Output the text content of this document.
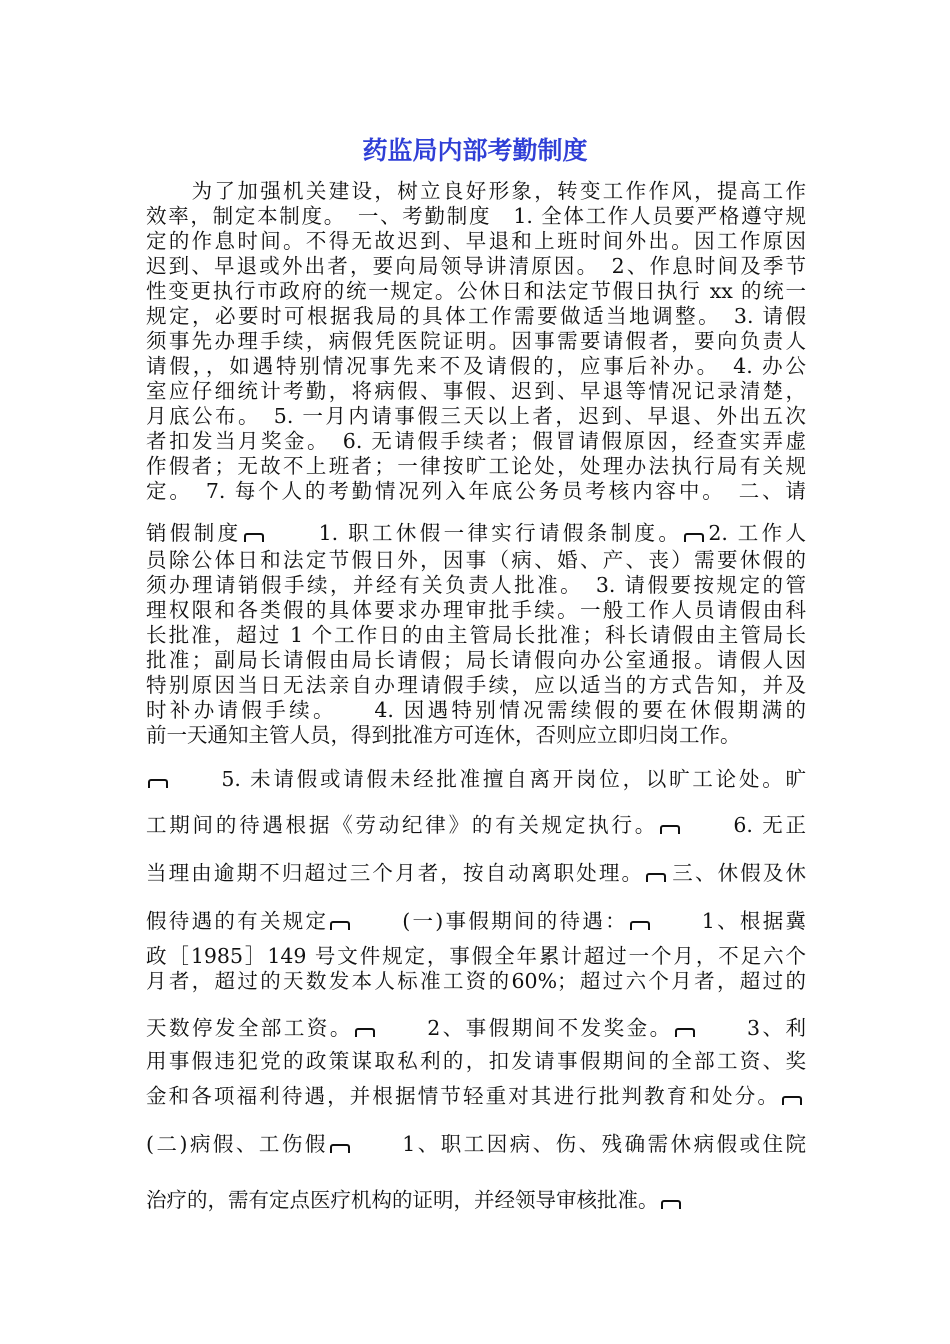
药监局内部考勤制度
　　为了加强机关建设，树立良好形象，转变工作作风，提高工作
效率，制定本制度。　一、考勤制度　1. 全体工作人员要严格遵守规
定的作息时间。不得无故迟到、早退和上班时间外出。因工作原因
迟到、早退或外出者，要向局领导讲清原因。　2、作息时间及季节
性变更执行市政府的统一规定。公休日和法定节假日执行 xx 的统一
规定，必要时可根据我局的具体工作需要做适当地调整。　3. 请假
须事先办理手续，病假凭医院证明。因事需要请假者，要向负责人
请假，，如遇特别情况事先来不及请假的，应事后补办。　4. 办公
室应仔细统计考勤，将病假、事假、迟到、早退等情况记录清楚，
月底公布。　5. 一月内请事假三天以上者，迟到、早退、外出五次
者扣发当月奖金。　6. 无请假手续者；假冒请假原因，经查实弄虚
作假者；无故不上班者；一律按旷工论处，处理办法执行局有关规
定。　7. 每个人的考勤情况列入年底公务员考核内容中。　二、请
销假制度　　1. 职工休假一律实行请假条制度。 2. 工作人
员除公体日和法定节假日外，因事（病、婚、产、丧）需要休假的
须办理请销假手续，并经有关负责人批准。　3. 请假要按规定的管
理权限和各类假的具体要求办理审批手续。一般工作人员请假由科
长批准，超过 1 个工作日的由主管局长批准；科长请假由主管局长
批准；副局长请假由局长请假；局长请假向办公室通报。请假人因
特别原因当日无法亲自办理请假手续，应以适当的方式告知，并及
时补办请假手续。　　4. 因遇特别情况需续假的要在休假期满的
前一天通知主管人员，得到批准方可连休，否则应立即归岗工作。
　　5. 未请假或请假未经批准擅自离开岗位，以旷工论处。旷
工期间的待遇根据《劳动纪律》的有关规定执行。　　6. 无正
当理由逾期不归超过三个月者，按自动离职处理。 三、休假及休
假待遇的有关规定　　(一)事假期间的待遇：　　1、根据冀
政［1985］149 号文件规定，事假全年累计超过一个月，不足六个
月者，超过的天数发本人标准工资的60%；超过六个月者，超过的
天数停发全部工资。　　2、事假期间不发奖金。　　3、利
用事假违犯党的政策谋取私利的，扣发请事假期间的全部工资、奖
金和各项福利待遇，并根据情节轻重对其进行批判教育和处分。
(二)病假、工伤假　　1、职工因病、伤、残确需休病假或住院
治疗的，需有定点医疗机构的证明，并经领导审核批准。
